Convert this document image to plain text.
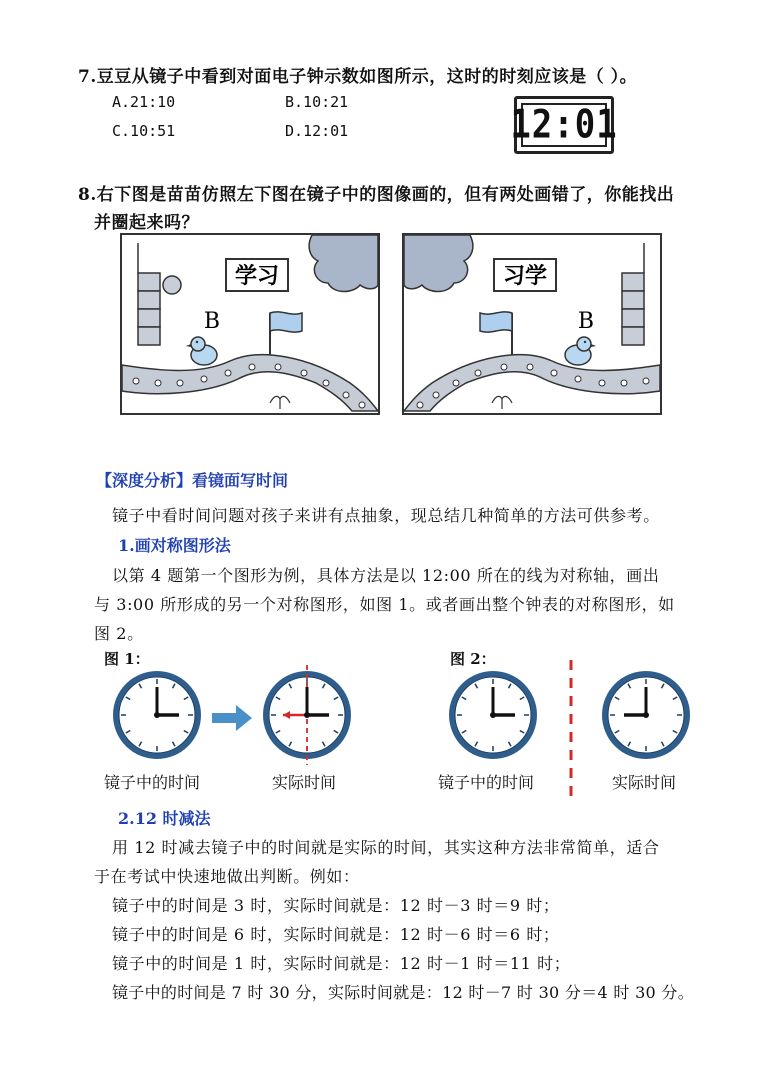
7.豆豆从镜子中看到对面电子钟示数如图所示，这时的时刻应该是（ ）。
A.21:10	B.10:21
C.10:51	D.12:01	12:01
8.右下图是苗苗仿照左下图在镜子中的图像画的，但有两处画错了，你能找出
并圈起来吗？
学习
B
习学
B
【深度分析】看镜面写时间
镜子中看时间问题对孩子来讲有点抽象，现总结几种简单的方法可供参考。
1.画对称图形法
以第 4 题第一个图形为例，具体方法是以 12:00 所在的线为对称轴，画出
与 3:00 所形成的另一个对称图形，如图 1。或者画出整个钟表的对称图形，如
图 2。
图 1：	图 2：
镜子中的时间	实际时间	镜子中的时间	实际时间
2.12 时减法
用 12 时减去镜子中的时间就是实际的时间，其实这种方法非常简单，适合
于在考试中快速地做出判断。例如：
镜子中的时间是 3 时，实际时间就是：12 时－3 时＝9 时；
镜子中的时间是 6 时，实际时间就是：12 时－6 时＝6 时；
镜子中的时间是 1 时，实际时间就是：12 时－1 时＝11 时；
镜子中的时间是 7 时 30 分，实际时间就是：12 时－7 时 30 分＝4 时 30 分。
